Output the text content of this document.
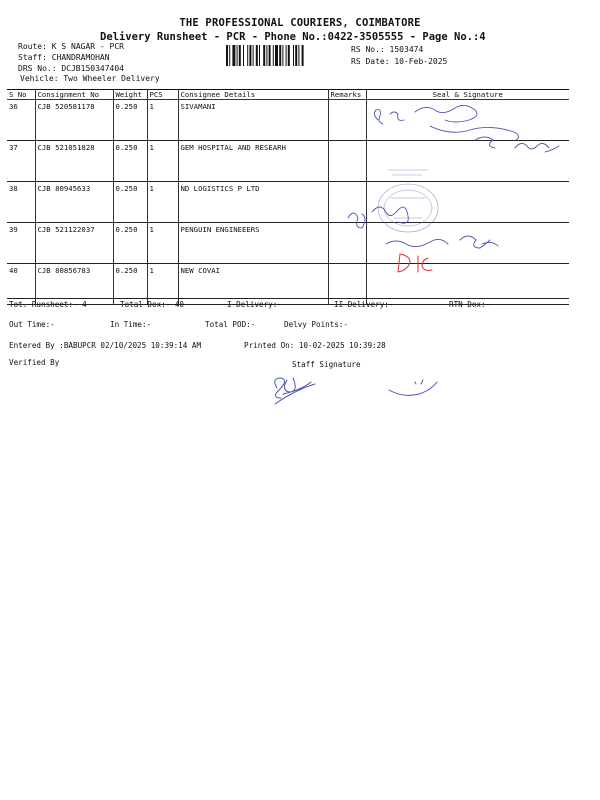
THE PROFESSIONAL COURIERS, COIMBATORE
Delivery Runsheet - PCR - Phone No.:0422-3505555 - Page No.:4
Route: K S NAGAR - PCR
Staff: CHANDRAMOHAN
DRS No.: DCJB150347404
Vehicle: Two Wheeler Delivery
RS No.: 1503474
RS Date: 10-Feb-2025
S No	Consignment No	Weight	PCS	Consignee Details	Remarks	Seal & Signature
36	CJB 520581178	0.250	1	SIVAMANI		
37	CJB 521051828	0.250	1	GEM HOSPITAL AND RESEARH		
38	CJB 80945633	0.250	1	ND LOGISTICS P LTD		
39	CJB 521122037	0.250	1	PENGUIN ENGINEEERS		
40	CJB 80856783	0.250	1	NEW COVAI		
Tot. Runsheet:- 4	Total Dox:- 40	I Delivery:-	II Delivery:-	RTN Dox:-
Out Time:-	In Time:-	Total POD:-	Delvy Points:-
Entered By :BABUPCR 02/10/2025 10:39:14 AM	Printed On: 10-02-2025 10:39:28
Verified By	Staff Signature
